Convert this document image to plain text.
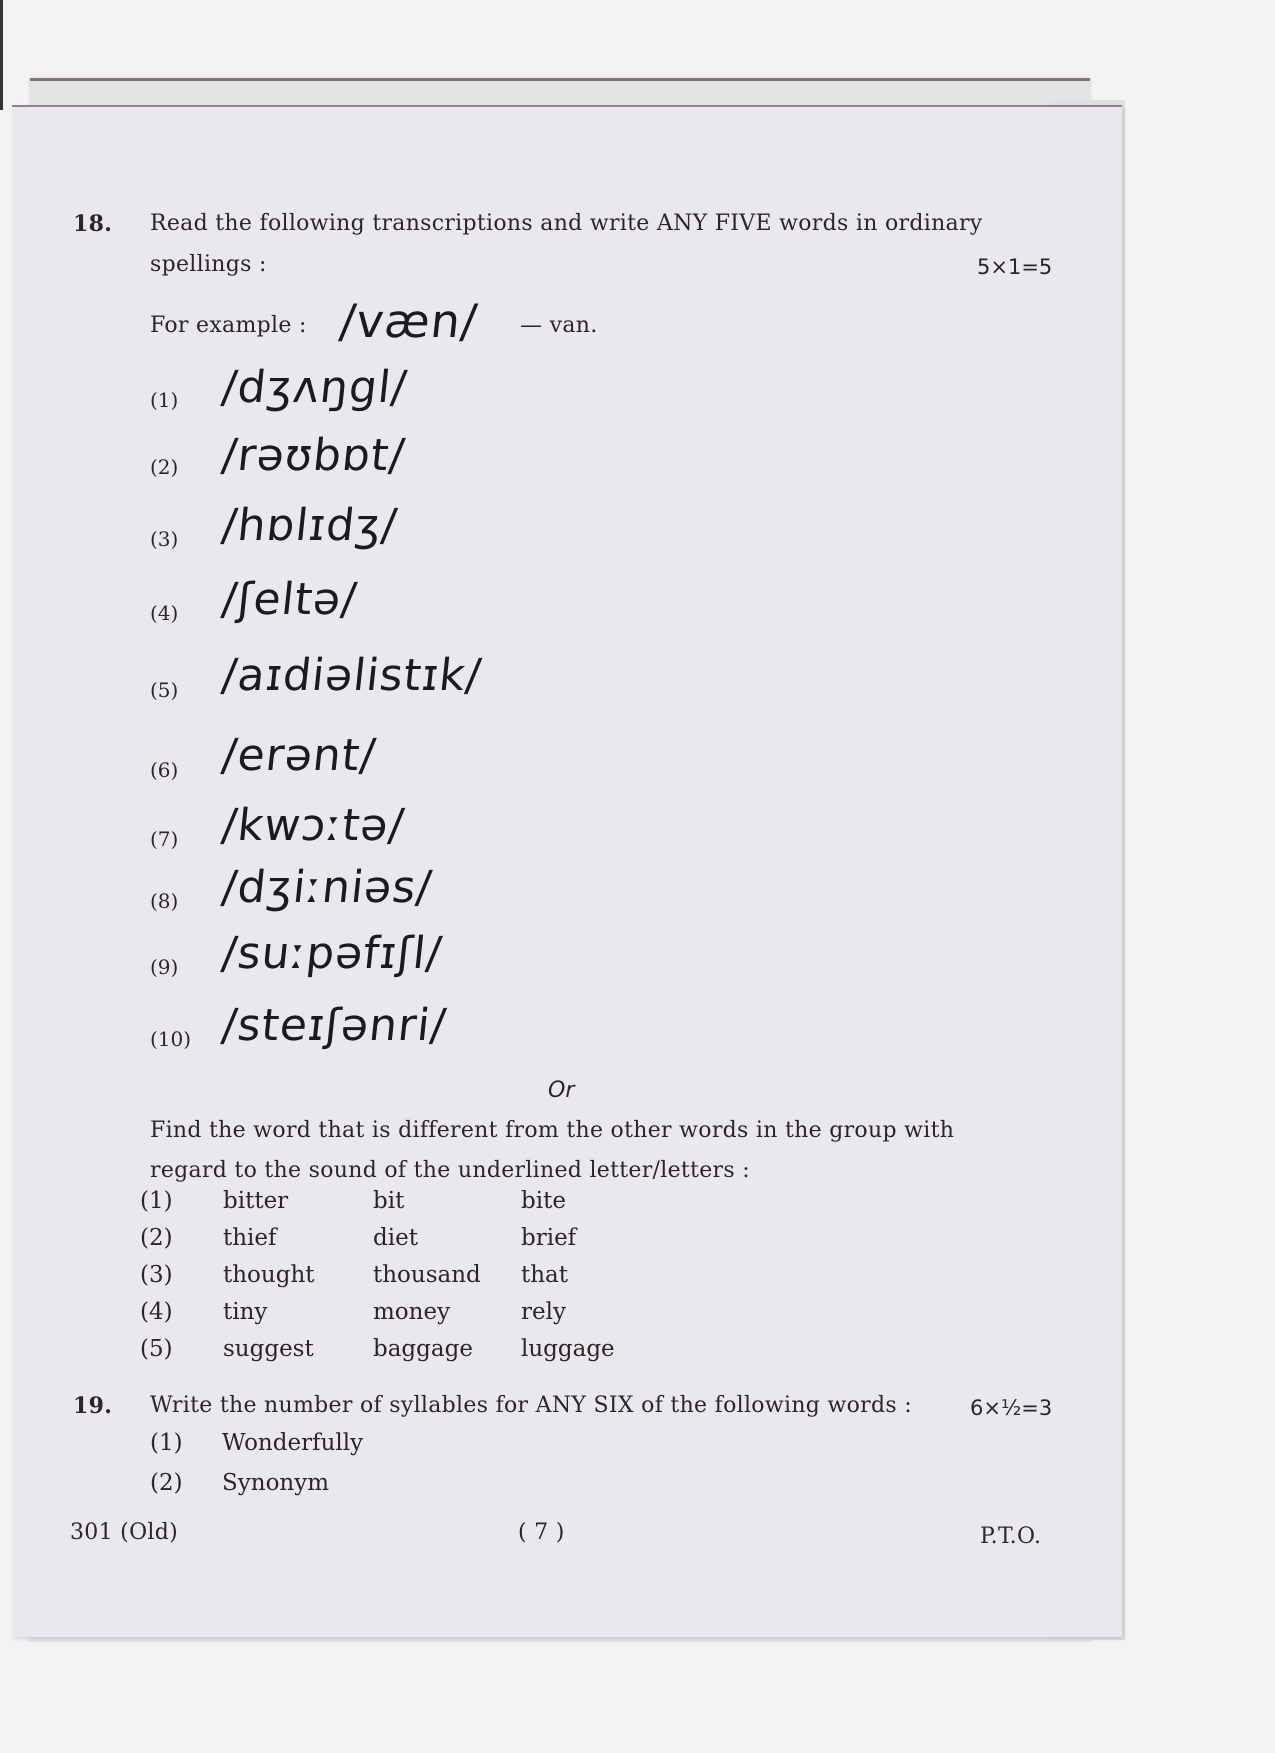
18. Read the following transcriptions and write ANY FIVE words in ordinary
spellings :	5×1=5
For example : /væn/ — van.
(1) /dʒʌŋgl/
(2) /rəʊbɒt/
(3) /hɒlɪdʒ/
(4) /ʃeltə/
(5) /aɪdiəlistɪk/
(6) /erənt/
(7) /kwɔːtə/
(8) /dʒiːniəs/
(9) /suːpəfɪʃl/
(10) /steɪʃənri/
Or
Find the word that is different from the other words in the group with
regard to the sound of the underlined letter/letters :
(1)	bitter	bit	bite
(2)	thief	diet	brief
(3)	thought	thousand	that
(4)	tiny	money	rely
(5)	suggest	baggage	luggage
19. Write the number of syllables for ANY SIX of the following words :	6×½=3
(1) Wonderfully
(2) Synonym
301 (Old)	( 7 )	P.T.O.
